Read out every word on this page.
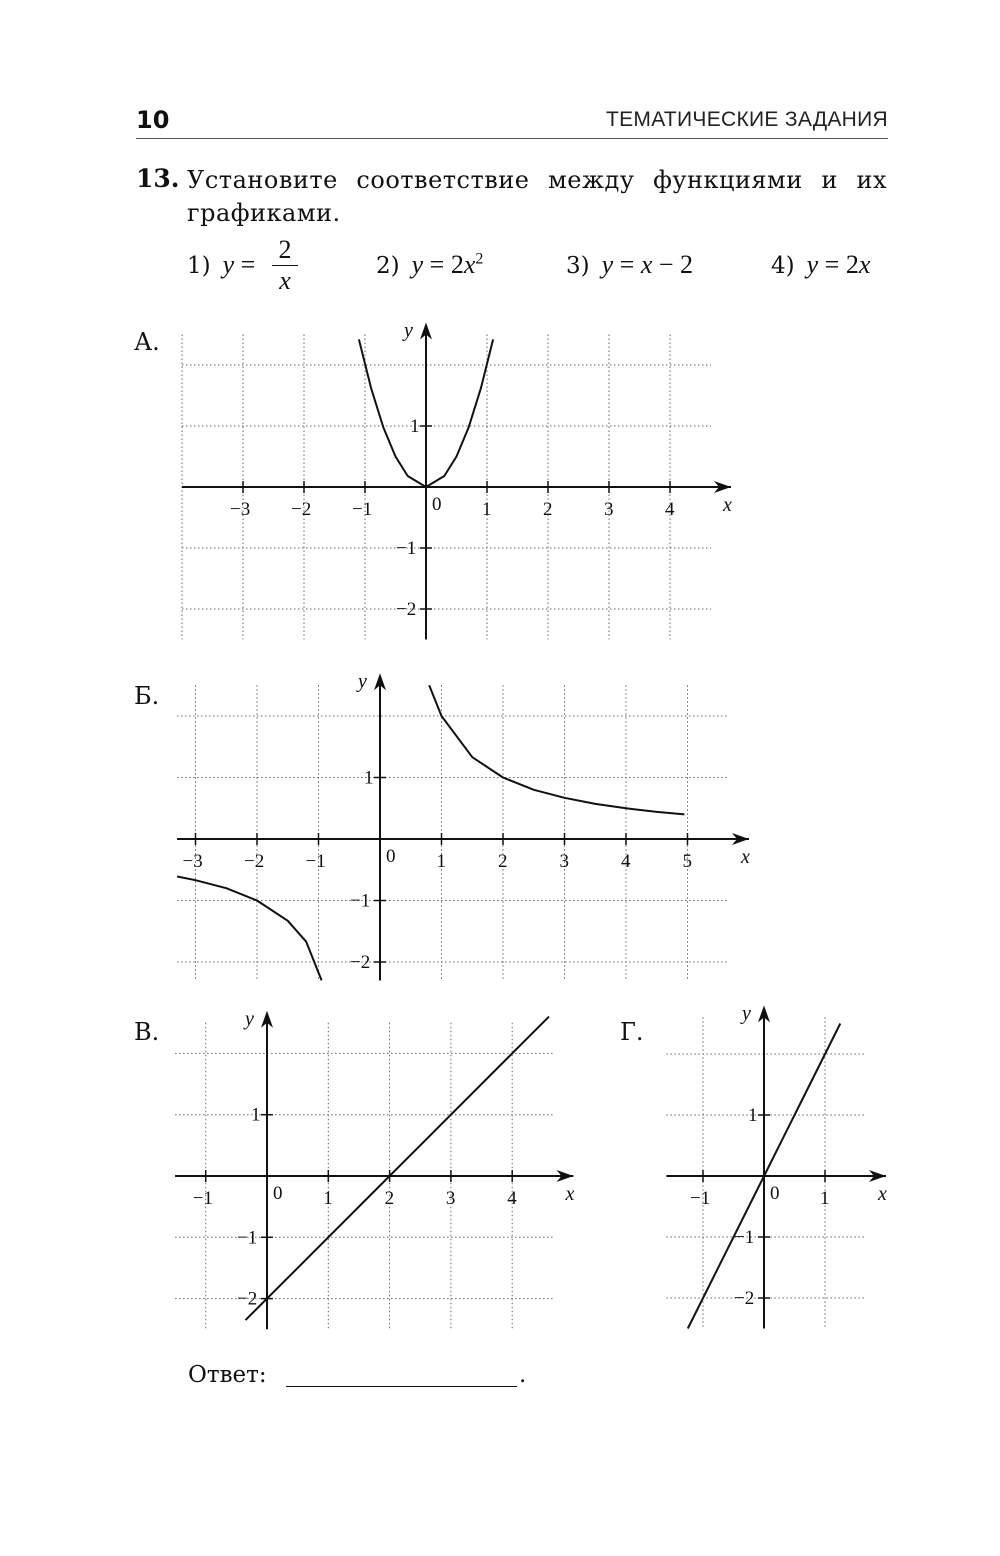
10	ТЕМАТИЧЕСКИЕ ЗАДАНИЯ
13. Установите соответствие между функциями и их графиками.
1) $y = \frac{2}{x}$	2) $y = 2x^2$	3) y = x − 2	4) y = 2x
А.
x
y
0
−3 −2 −1	1	2	3	4
1
−1
−2
Б.
x
y
0
−3 −2 −1	1	2	3	4	5
1
−1
−2
В.
x
y
0
−1	1	2	3	4
1
−1
−2
Г.
x
y
0
−1	1
1
−1
−2
Ответ:	.
